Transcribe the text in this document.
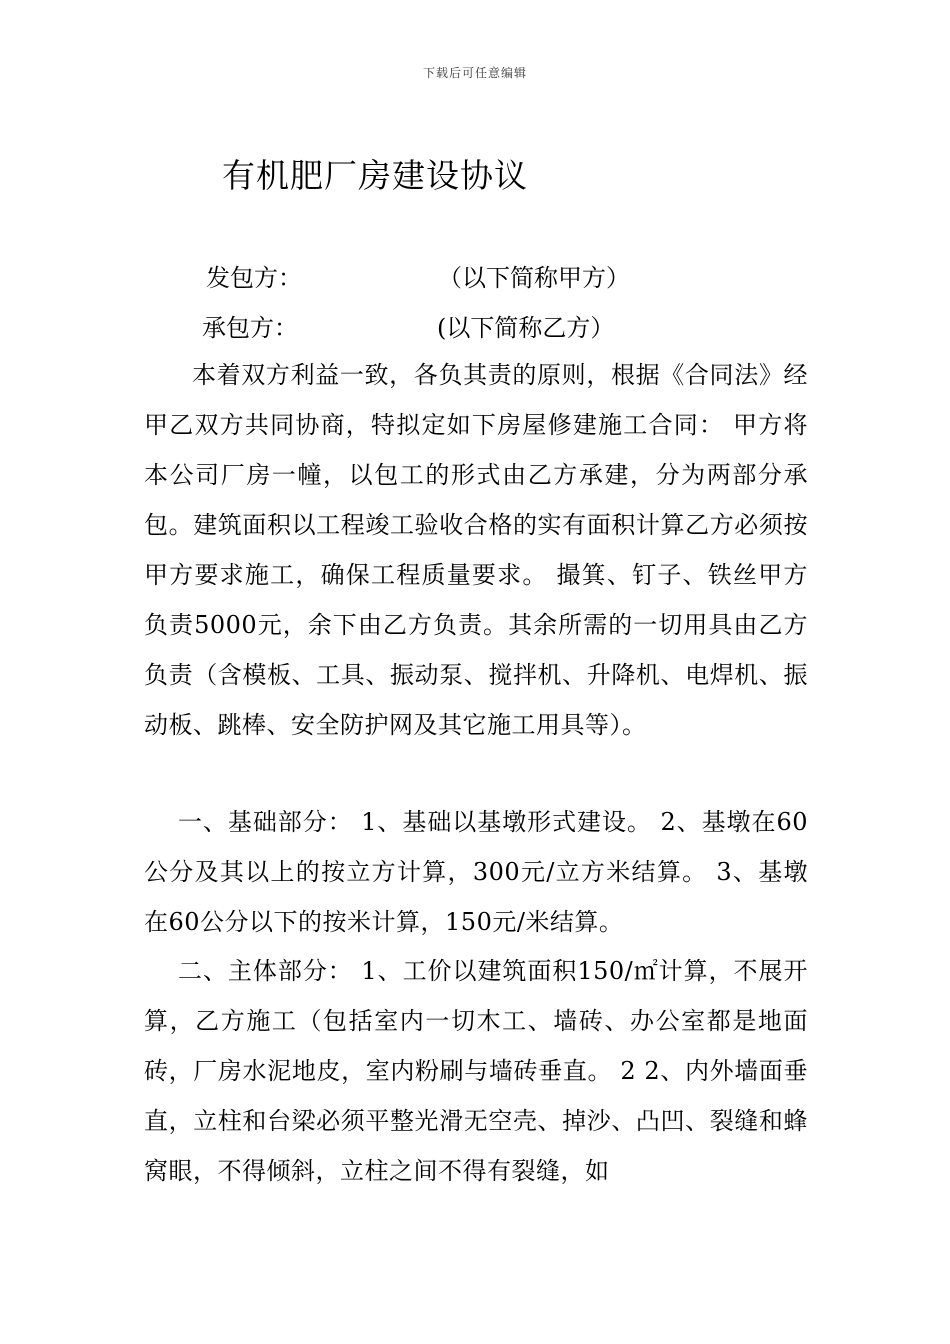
下载后可任意编辑
有机肥厂房建设协议
发包方：	（以下简称甲方）
承包方：	(以下简称乙方）

本着双方利益一致，各负其责的原则，根据《合同法》经甲乙双方共同协商，特拟定如下房屋修建施工合同： 甲方将本公司厂房一幢，以包工的形式由乙方承建，分为两部分承包。建筑面积以工程竣工验收合格的实有面积计算乙方必须按甲方要求施工，确保工程质量要求。 撮箕、钉子、铁丝甲方负责5000元，余下由乙方负责。其余所需的一切用具由乙方负责（含模板、工具、振动泵、搅拌机、升降机、电焊机、振动板、跳棒、安全防护网及其它施工用具等）。

一、基础部分： 1、基础以基墩形式建设。 2、基墩在60公分及其以上的按立方计算，300元/立方米结算。 3、基墩在60公分以下的按米计算，150元/米结算。

二、主体部分： 1、工价以建筑面积150/㎡计算，不展开算，乙方施工（包括室内一切木工、墙砖、办公室都是地面砖，厂房水泥地皮，室内粉刷与墙砖垂直。 2 2、内外墙面垂直，立柱和台梁必须平整光滑无空壳、掉沙、凸凹、裂缝和蜂窝眼，不得倾斜，立柱之间不得有裂缝，如
